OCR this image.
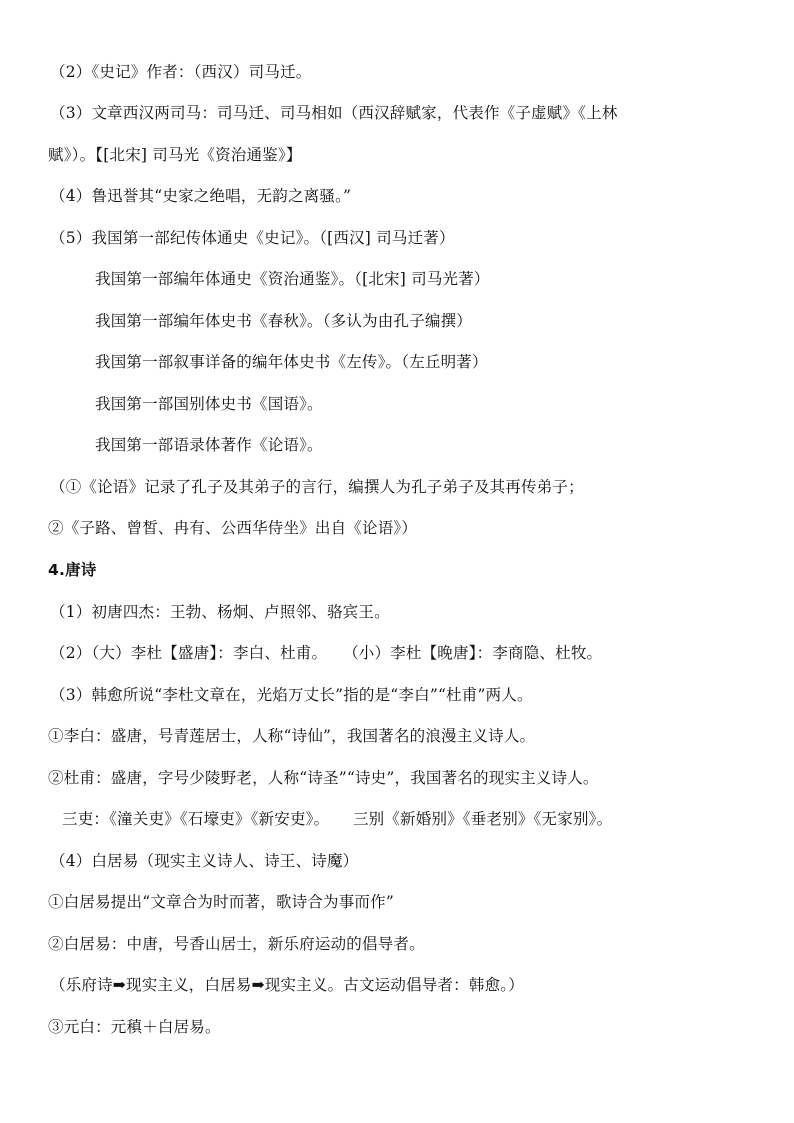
（2）《史记》作者：（西汉）司马迁。
（3）文章西汉两司马：司马迁、司马相如（西汉辞赋家，代表作《子虚赋》《上林
赋》）。【[北宋] 司马光《资治通鉴》】
（4）鲁迅誉其“史家之绝唱，无韵之离骚。”
（5）我国第一部纪传体通史《史记》。（[西汉] 司马迁著）
我国第一部编年体通史《资治通鉴》。（[北宋] 司马光著）
我国第一部编年体史书《春秋》。（多认为由孔子编撰）
我国第一部叙事详备的编年体史书《左传》。（左丘明著）
我国第一部国别体史书《国语》。
我国第一部语录体著作《论语》。
（①《论语》记录了孔子及其弟子的言行，编撰人为孔子弟子及其再传弟子；
②《子路、曾皙、冉有、公西华侍坐》出自《论语》）
4.唐诗
（1）初唐四杰：王勃、杨炯、卢照邻、骆宾王。
（2）（大）李杜【盛唐】：李白、杜甫。　　（小）李杜【晚唐】：李商隐、杜牧。
（3）韩愈所说“李杜文章在，光焰万丈长”指的是“李白”“杜甫”两人。
①李白：盛唐，号青莲居士，人称“诗仙”，我国著名的浪漫主义诗人。
②杜甫：盛唐，字号少陵野老，人称“诗圣”“诗史”，我国著名的现实主义诗人。
三吏：《潼关吏》《石壕吏》《新安吏》。　　三别《新婚别》《垂老别》《无家别》。
（4）白居易（现实主义诗人、诗王、诗魔）
①白居易提出“文章合为时而著，歌诗合为事而作”
②白居易：中唐，号香山居士，新乐府运动的倡导者。
（乐府诗➡现实主义，白居易➡现实主义。古文运动倡导者：韩愈。）
③元白：元稹＋白居易。
